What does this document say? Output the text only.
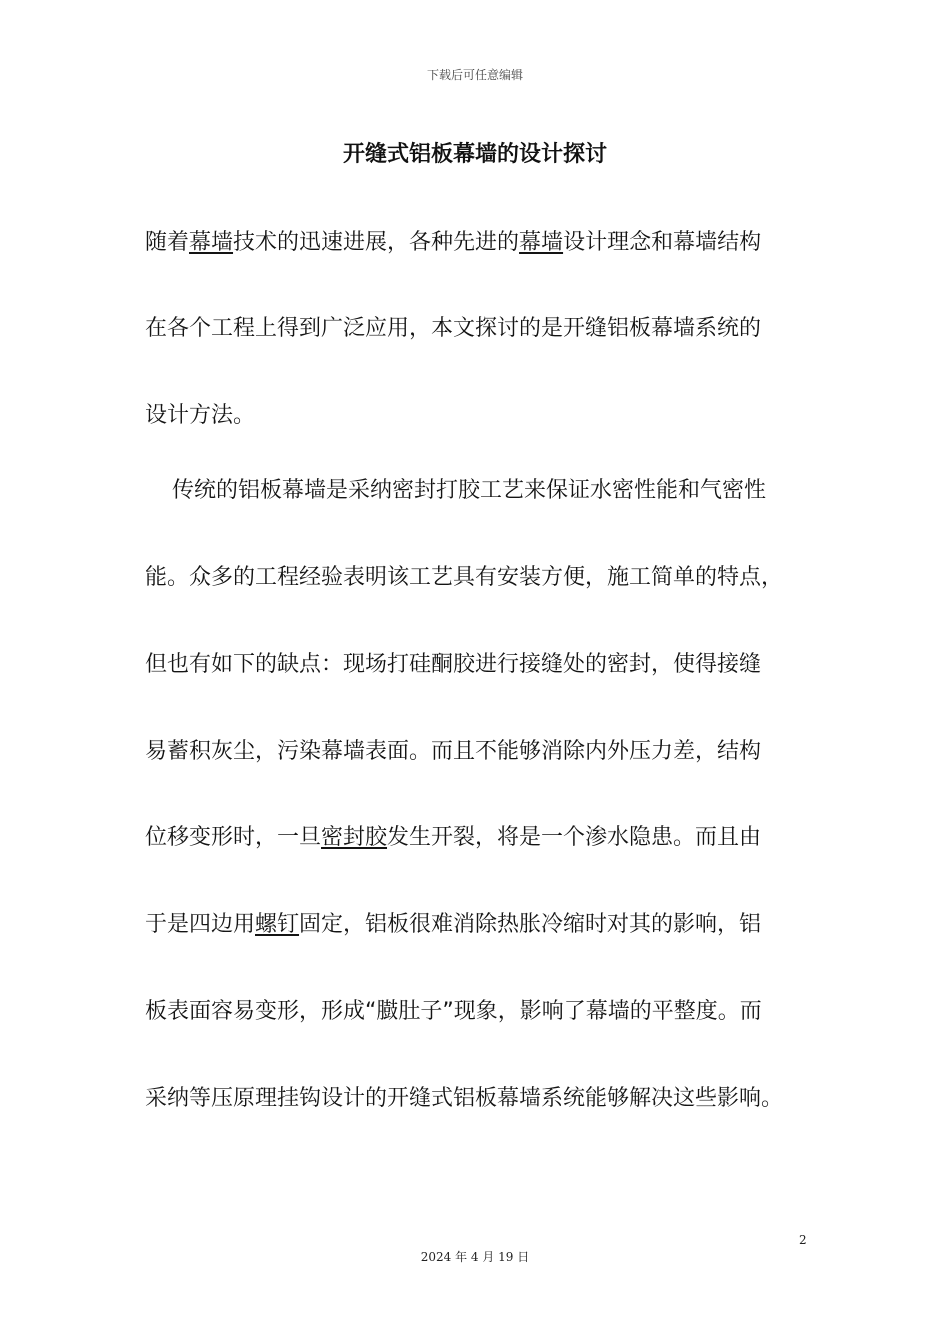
下载后可任意编辑
开缝式铝板幕墙的设计探讨
随着幕墙技术的迅速进展，各种先进的幕墙设计理念和幕墙结构
在各个工程上得到广泛应用，本文探讨的是开缝铝板幕墙系统的
设计方法。
传统的铝板幕墙是采纳密封打胶工艺来保证水密性能和气密性
能。众多的工程经验表明该工艺具有安装方便，施工简单的特点，
但也有如下的缺点：现场打硅酮胶进行接缝处的密封，使得接缝
易蓄积灰尘，污染幕墙表面。而且不能够消除内外压力差，结构
位移变形时，一旦密封胶发生开裂，将是一个渗水隐患。而且由
于是四边用螺钉固定，铝板很难消除热胀冷缩时对其的影响，铝
板表面容易变形，形成“臌肚子”现象，影响了幕墙的平整度。而
采纳等压原理挂钩设计的开缝式铝板幕墙系统能够解决这些影响。
2
2024 年 4 月 19 日
